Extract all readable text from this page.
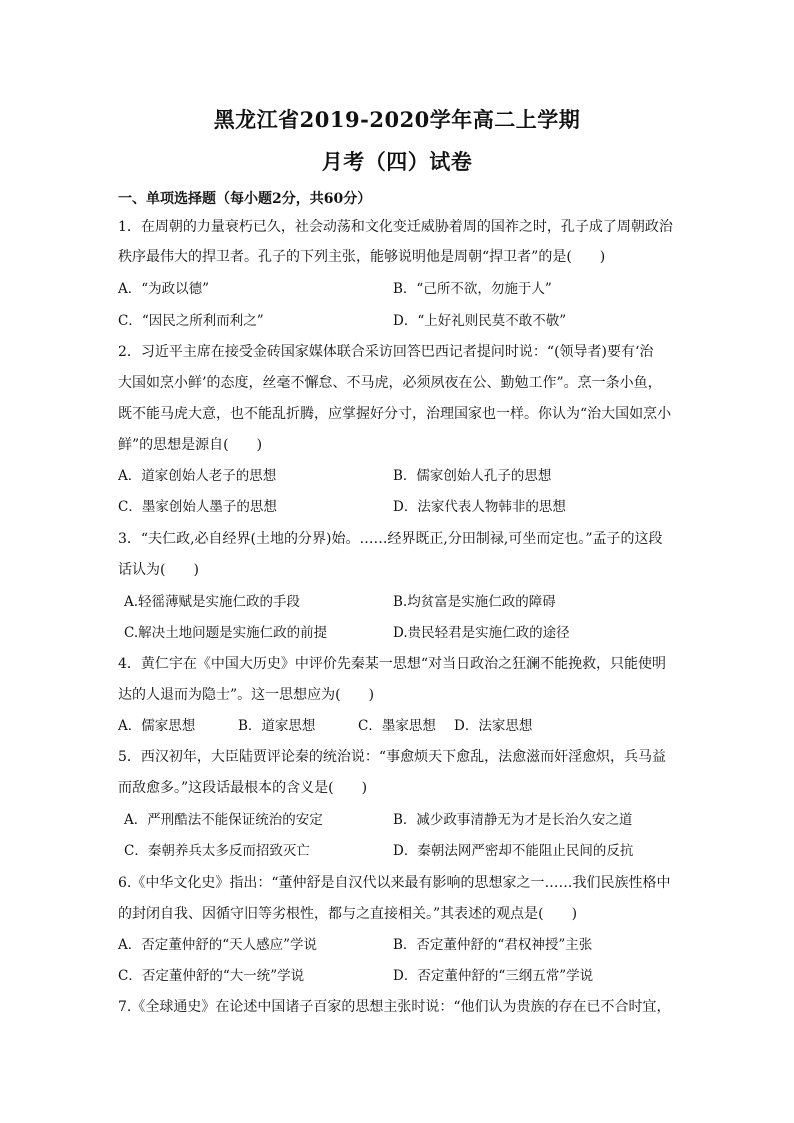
黑龙江省2019-2020学年高二上学期
月考（四）试卷
一、单项选择题（每小题2分，共60分）
1．在周朝的力量衰朽已久，社会动荡和文化变迁威胁着周的国祚之时，孔子成了周朝政治
秩序最伟大的捍卫者。孔子的下列主张，能够说明他是周朝“捍卫者”的是(　　)
A．“为政以德”	B．“己所不欲，勿施于人”
C．“因民之所利而利之”	D．“上好礼则民莫不敢不敬”
2．习近平主席在接受金砖国家媒体联合采访回答巴西记者提问时说：“(领导者)要有‘治
大国如烹小鲜’的态度，丝毫不懈怠、不马虎，必须夙夜在公、勤勉工作”。烹一条小鱼，
既不能马虎大意，也不能乱折腾，应掌握好分寸，治理国家也一样。你认为“治大国如烹小
鲜”的思想是源自(　　)
A．道家创始人老子的思想	B．儒家创始人孔子的思想
C．墨家创始人墨子的思想	D．法家代表人物韩非的思想
3．“夫仁政,必自经界(土地的分界)始。……经界既正,分田制禄,可坐而定也。”孟子的这段
话认为(　　)
A.轻徭薄赋是实施仁政的手段	B.均贫富是实施仁政的障碍
C.解决土地问题是实施仁政的前提	D.贵民轻君是实施仁政的途径
4．黄仁宇在《中国大历史》中评价先秦某一思想“对当日政治之狂澜不能挽救，只能使明
达的人退而为隐士”。这一思想应为(　　)
A．儒家思想	B．道家思想	C．墨家思想 D．法家思想
5．西汉初年，大臣陆贾评论秦的统治说：“事愈烦天下愈乱，法愈滋而奸淫愈炽，兵马益
而敌愈多。”这段话最根本的含义是(　　)
A．严刑酷法不能保证统治的安定	B．减少政事清静无为才是长治久安之道
C．秦朝养兵太多反而招致灭亡	D．秦朝法网严密却不能阻止民间的反抗
6.《中华文化史》指出：“董仲舒是自汉代以来最有影响的思想家之一……我们民族性格中
的封闭自我、因循守旧等劣根性，都与之直接相关。”其表述的观点是(　　)
A．否定董仲舒的“天人感应”学说	B．否定董仲舒的“君权神授”主张
C．否定董仲舒的“大一统”学说	D．否定董仲舒的“三纲五常”学说
7.《全球通史》在论述中国诸子百家的思想主张时说：“他们认为贵族的存在已不合时宜，
